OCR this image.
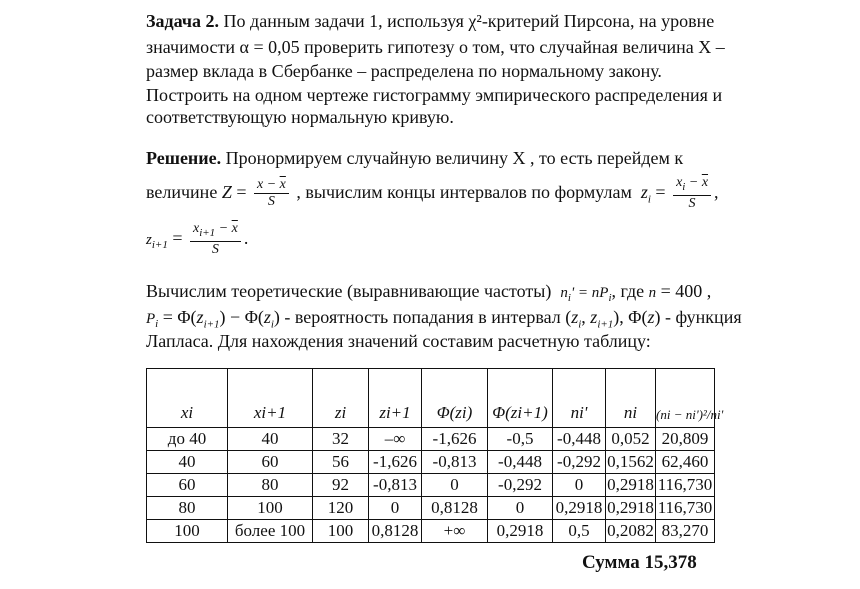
Задача 2. По данным задачи 1, используя χ²-критерий Пирсона, на уровне
значимости α = 0,05 проверить гипотезу о том, что случайная величина X –
размер вклада в Сбербанке – распределена по нормальному закону.
Построить на одном чертеже гистограмму эмпирического распределения и
соответствующую нормальную кривую.
Решение. Пронормируем случайную величину X , то есть перейдем к
величине $Z = \frac{x - \overline{x}}{S}$ , вычислим концы интервалов по формулам $z_i = \frac{x_i - \overline{x}}{S}$ ,
$z_{i+1} = \frac{x_{i+1} - \overline{x}}{S}$ .
Вычислим теоретические (выравнивающие частоты) $n_i' = nP_i$, где n = 400 ,
$P_i = \Phi(z_{i+1}) - \Phi(z_i)$ - вероятность попадания в интервал ($z_i$, $z_{i+1}$), Φ(z) - функция
Лапласа. Для нахождения значений составим расчетную таблицу:
xi	xi+1	zi	zi+1	Φ(zi)	Φ(zi+1)	ni'	ni	(ni − ni')²/ni'
до 40	40	32	–∞	-1,626	-0,5	-0,448	0,052	20,809
40	60	56	-1,626	-0,813	-0,448	-0,292	0,1562	62,460
60	80	92	-0,813	0	-0,292	0	0,2918	116,730
80	100	120	0	0,8128	0	0,2918	0,2918	116,730
100	более 100	100	0,8128	+∞	0,2918	0,5	0,2082	83,270
Сумма 15,378
